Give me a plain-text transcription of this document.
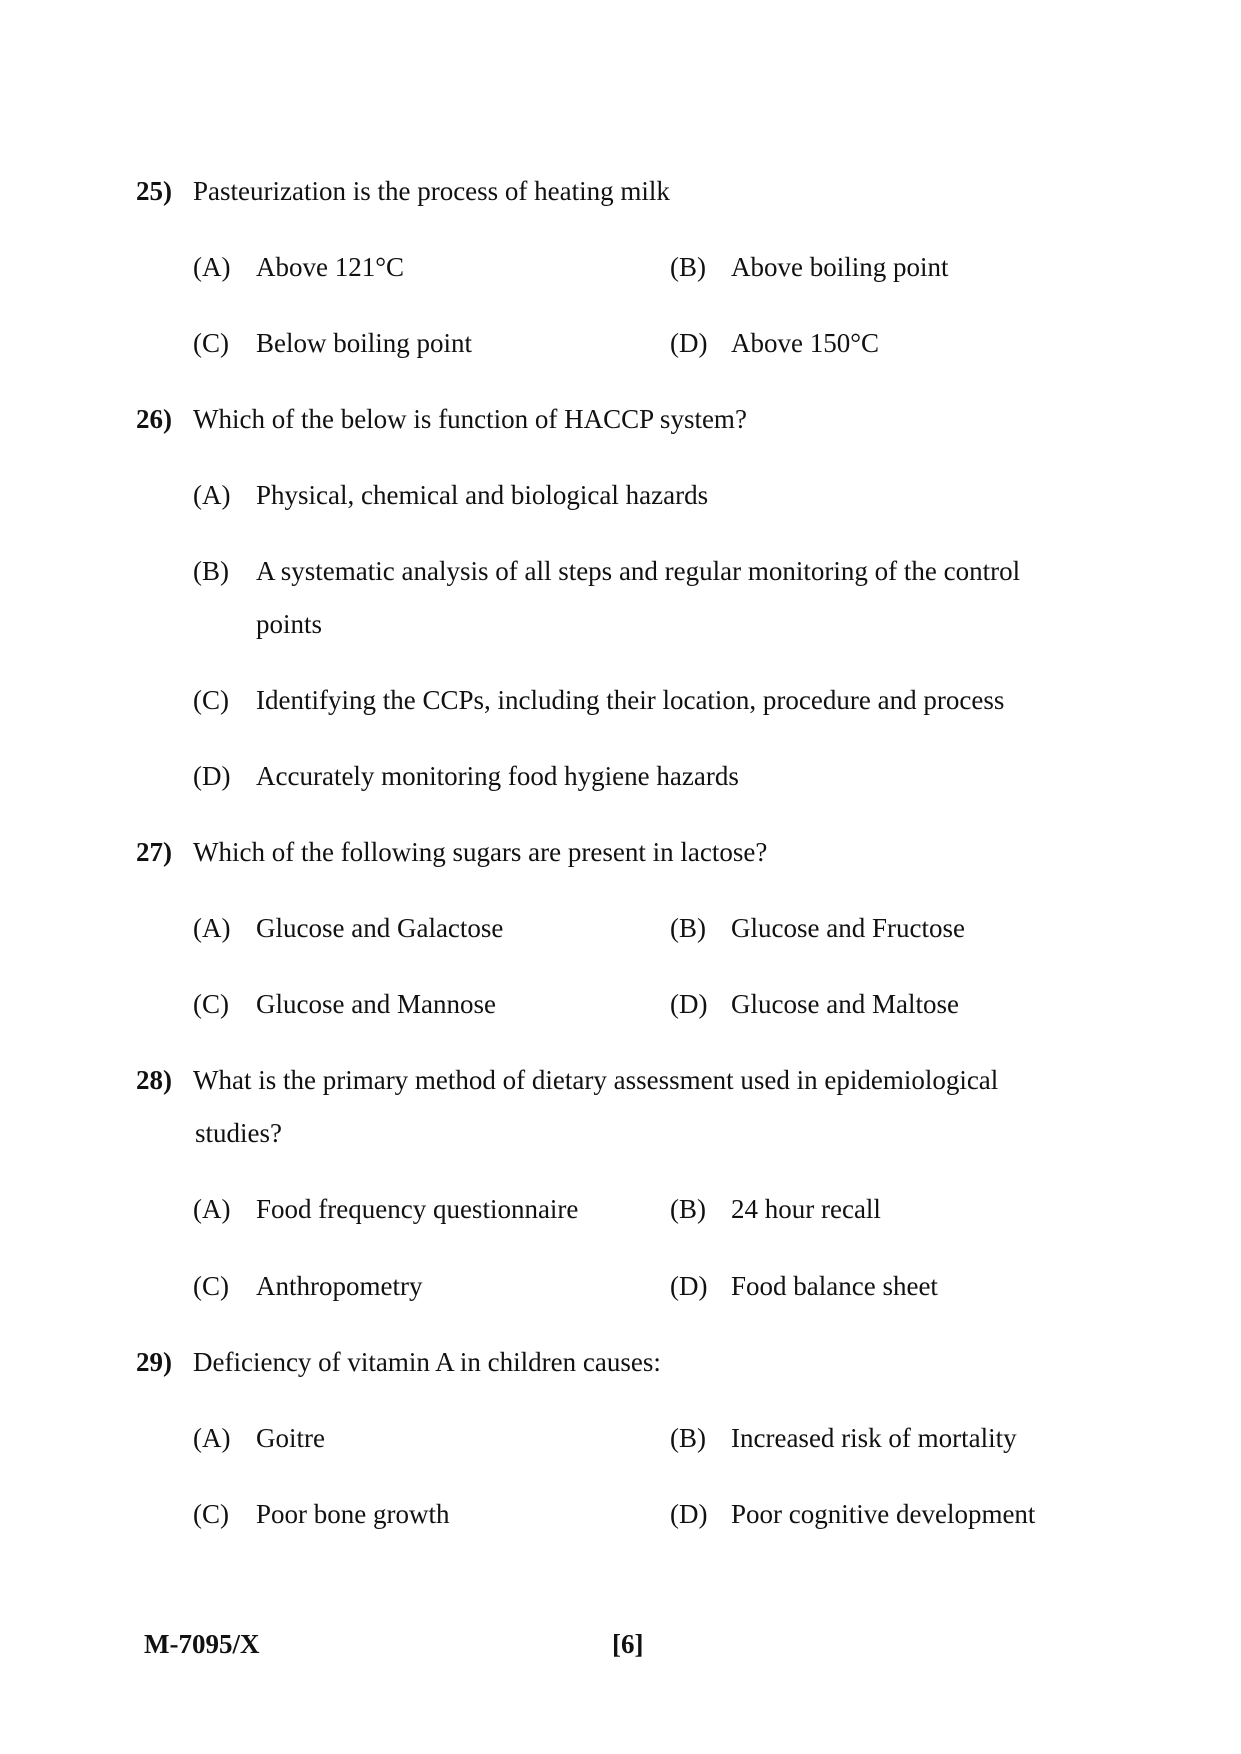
25) Pasteurization is the process of heating milk
(A) Above 121°C	(B) Above boiling point
(C) Below boiling point	(D) Above 150°C
26) Which of the below is function of HACCP system?
(A) Physical, chemical and biological hazards
(B) A systematic analysis of all steps and regular monitoring of the control
points
(C) Identifying the CCPs, including their location, procedure and process
(D) Accurately monitoring food hygiene hazards
27) Which of the following sugars are present in lactose?
(A) Glucose and Galactose	(B) Glucose and Fructose
(C) Glucose and Mannose	(D) Glucose and Maltose
28) What is the primary method of dietary assessment used in epidemiological
studies?
(A) Food frequency questionnaire	(B) 24 hour recall
(C) Anthropometry	(D) Food balance sheet
29) Deficiency of vitamin A in children causes:
(A) Goitre	(B) Increased risk of mortality
(C) Poor bone growth	(D) Poor cognitive development
M-7095/X	[6]
